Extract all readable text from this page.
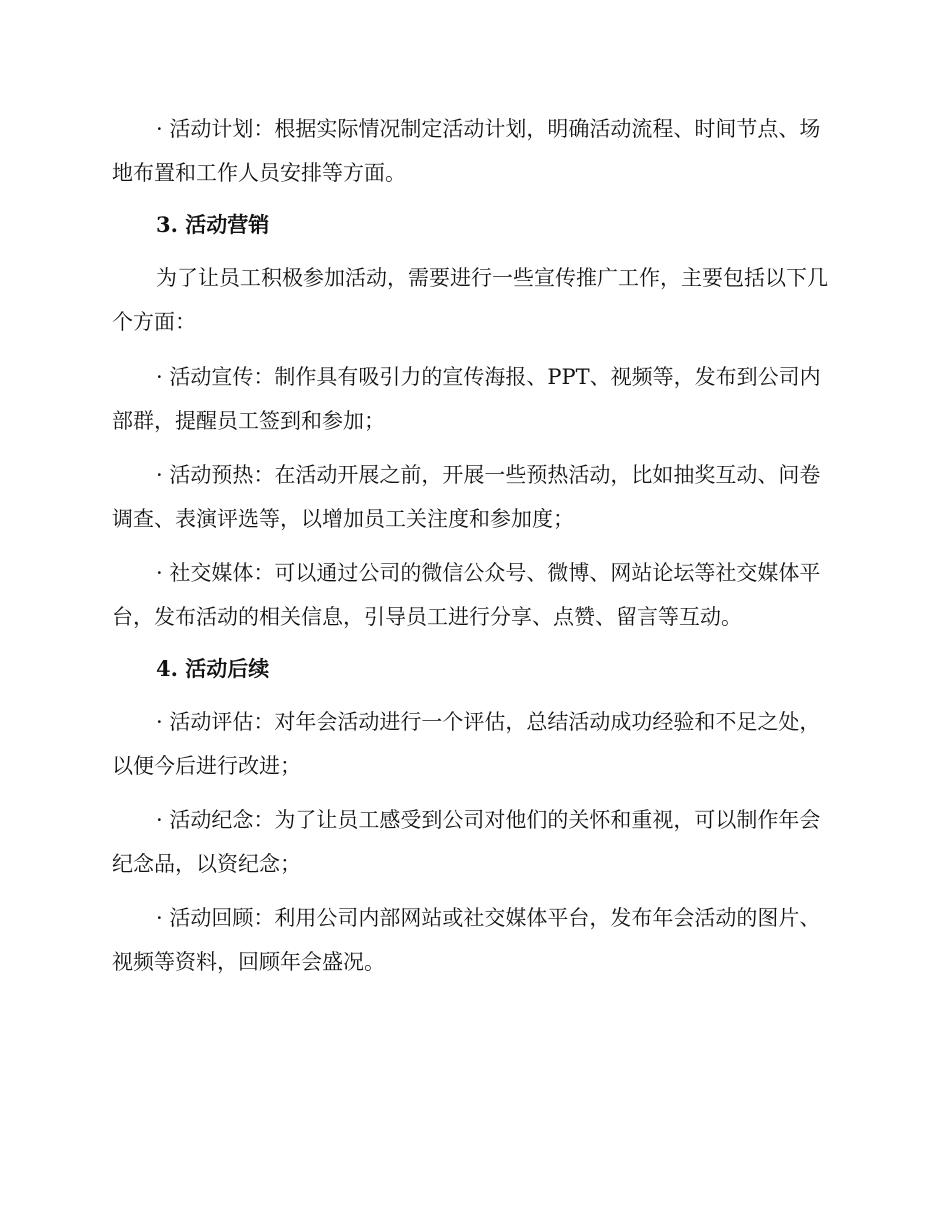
· 活动计划：根据实际情况制定活动计划，明确活动流程、时间节点、场地布置和工作人员安排等方面。

3. 活动营销

为了让员工积极参加活动，需要进行一些宣传推广工作，主要包括以下几个方面：

· 活动宣传：制作具有吸引力的宣传海报、PPT、视频等，发布到公司内部群，提醒员工签到和参加；

· 活动预热：在活动开展之前，开展一些预热活动，比如抽奖互动、问卷调查、表演评选等，以增加员工关注度和参加度；

· 社交媒体：可以通过公司的微信公众号、微博、网站论坛等社交媒体平台，发布活动的相关信息，引导员工进行分享、点赞、留言等互动。

4. 活动后续

· 活动评估：对年会活动进行一个评估，总结活动成功经验和不足之处，以便今后进行改进；

· 活动纪念：为了让员工感受到公司对他们的关怀和重视，可以制作年会纪念品，以资纪念；

· 活动回顾：利用公司内部网站或社交媒体平台，发布年会活动的图片、视频等资料，回顾年会盛况。
